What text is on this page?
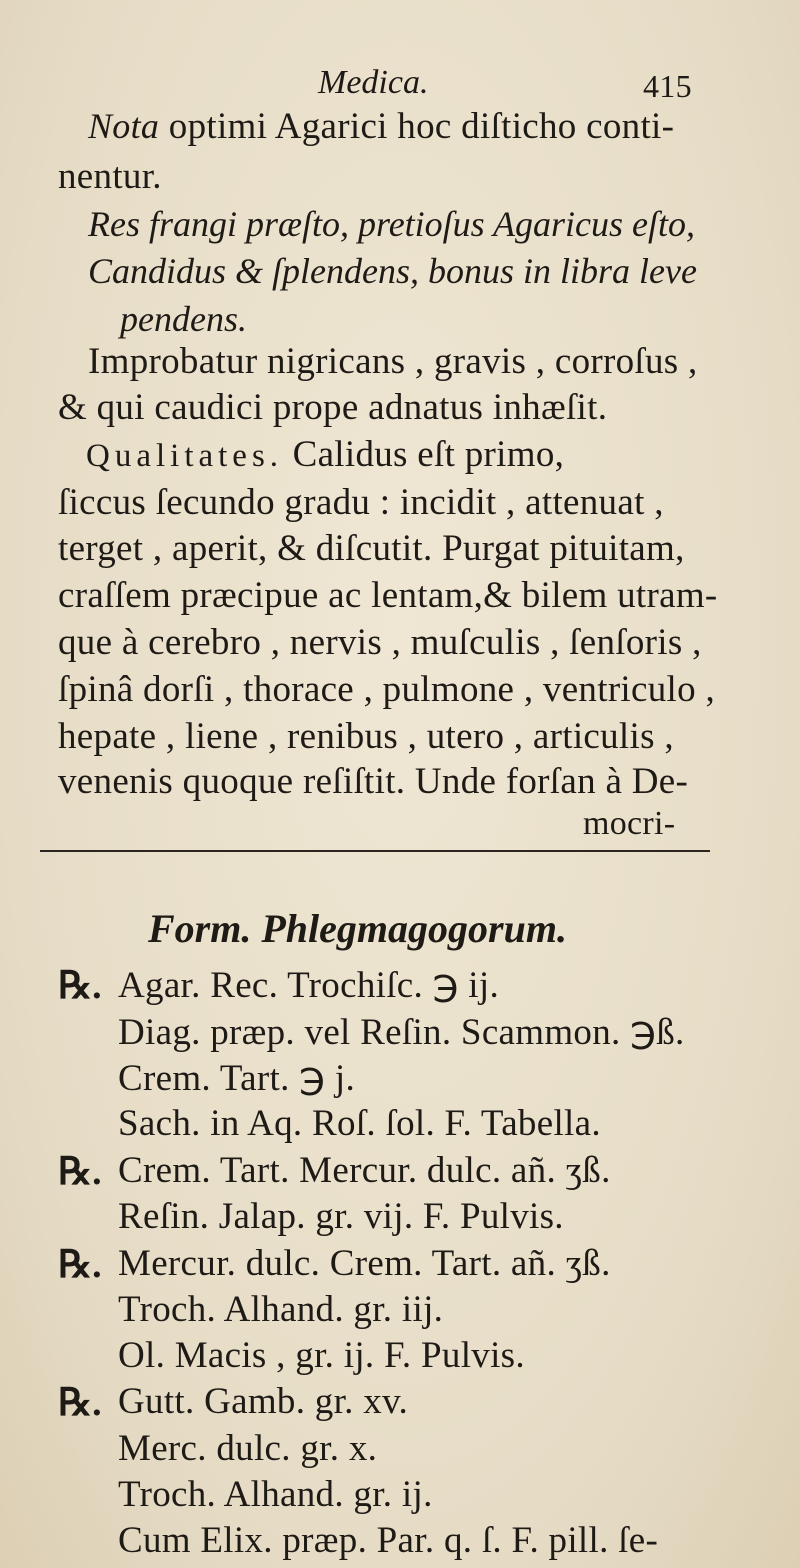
Medica.	415
Nota optimi Agarici hoc diſticho conti-
nentur.
Res frangi præſto, pretioſus Agaricus eſto,
Candidus & ſplendens, bonus in libra leve
pendens.
Improbatur nigricans , gravis , corroſus ,
& qui caudici prope adnatus inhæſit.
Qualitates. Calidus eſt primo,
ſiccus ſecundo gradu : incidit , attenuat ,
terget , aperit, & diſcutit. Purgat pituitam,
craſſem præcipue ac lentam,& bilem utram-
que à cerebro , nervis , muſculis , ſenſoris ,
ſpinâ dorſi , thorace , pulmone , ventriculo ,
hepate , liene , renibus , utero , articulis ,
venenis quoque reſiſtit. Unde forſan à De-
mocri-
Form. Phlegmagogorum.
℞. Agar. Rec. Trochiſc. ℈ ij.
Diag. præp. vel Reſin. Scammon. ℈ß.
Crem. Tart. ℈ j.
Sach. in Aq. Roſ. ſol. F. Tabella.
℞. Crem. Tart. Mercur. dulc. añ. ʒß.
Reſin. Jalap. gr. vij. F. Pulvis.
℞. Mercur. dulc. Crem. Tart. añ. ʒß.
Troch. Alhand. gr. iij.
Ol. Macis , gr. ij. F. Pulvis.
℞. Gutt. Gamb. gr. xv.
Merc. dulc. gr. x.
Troch. Alhand. gr. ij.
Cum Elix. præp. Par. q. ſ. F. pill. ſe-
